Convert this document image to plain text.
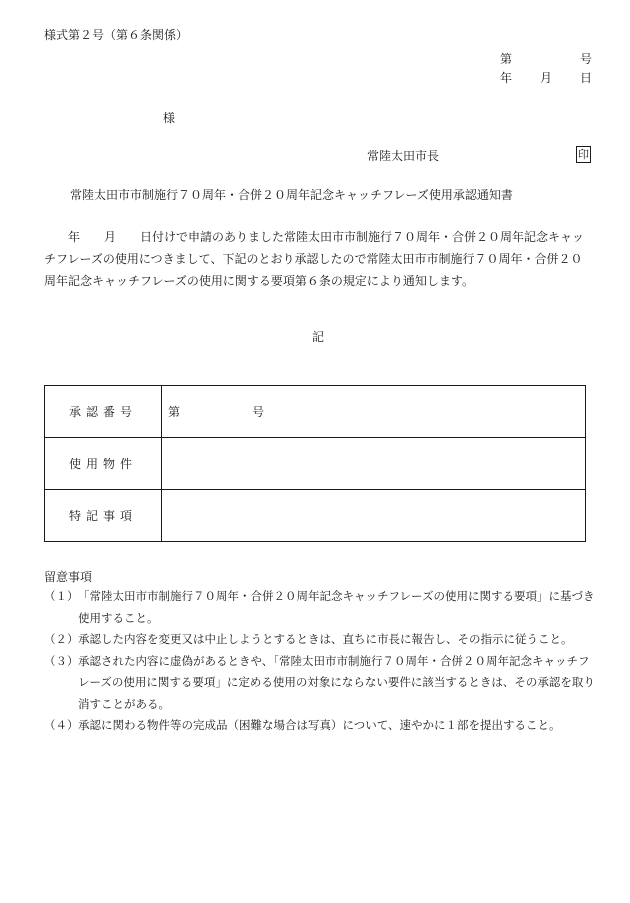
様式第２号（第６条関係）
第	号
年 月 日
様
常陸太田市長	印
常陸太田市市制施行７０周年・合併２０周年記念キャッチフレーズ使用承認通知書
年　　月　　日付けで申請のありました常陸太田市市制施行７０周年・合併２０周年記念キャッチフレーズの使用につきまして、下記のとおり承認したので常陸太田市市制施行７０周年・合併２０周年記念キャッチフレーズの使用に関する要項第６条の規定により通知します。
記
承認番号	第 号
使用物件	
特記事項	
留意事項
（１） 「常陸太田市市制施行７０周年・合併２０周年記念キャッチフレーズの使用に関する要項」に基づき使用すること。
（２） 承認した内容を変更又は中止しようとするときは、直ちに市長に報告し、その指示に従うこと。
（３） 承認された内容に虚偽があるときや、「常陸太田市市制施行７０周年・合併２０周年記念キャッチフレーズの使用に関する要項」に定める使用の対象にならない要件に該当するときは、その承認を取り消すことがある。
（４） 承認に関わる物件等の完成品（困難な場合は写真）について、速やかに１部を提出すること。
